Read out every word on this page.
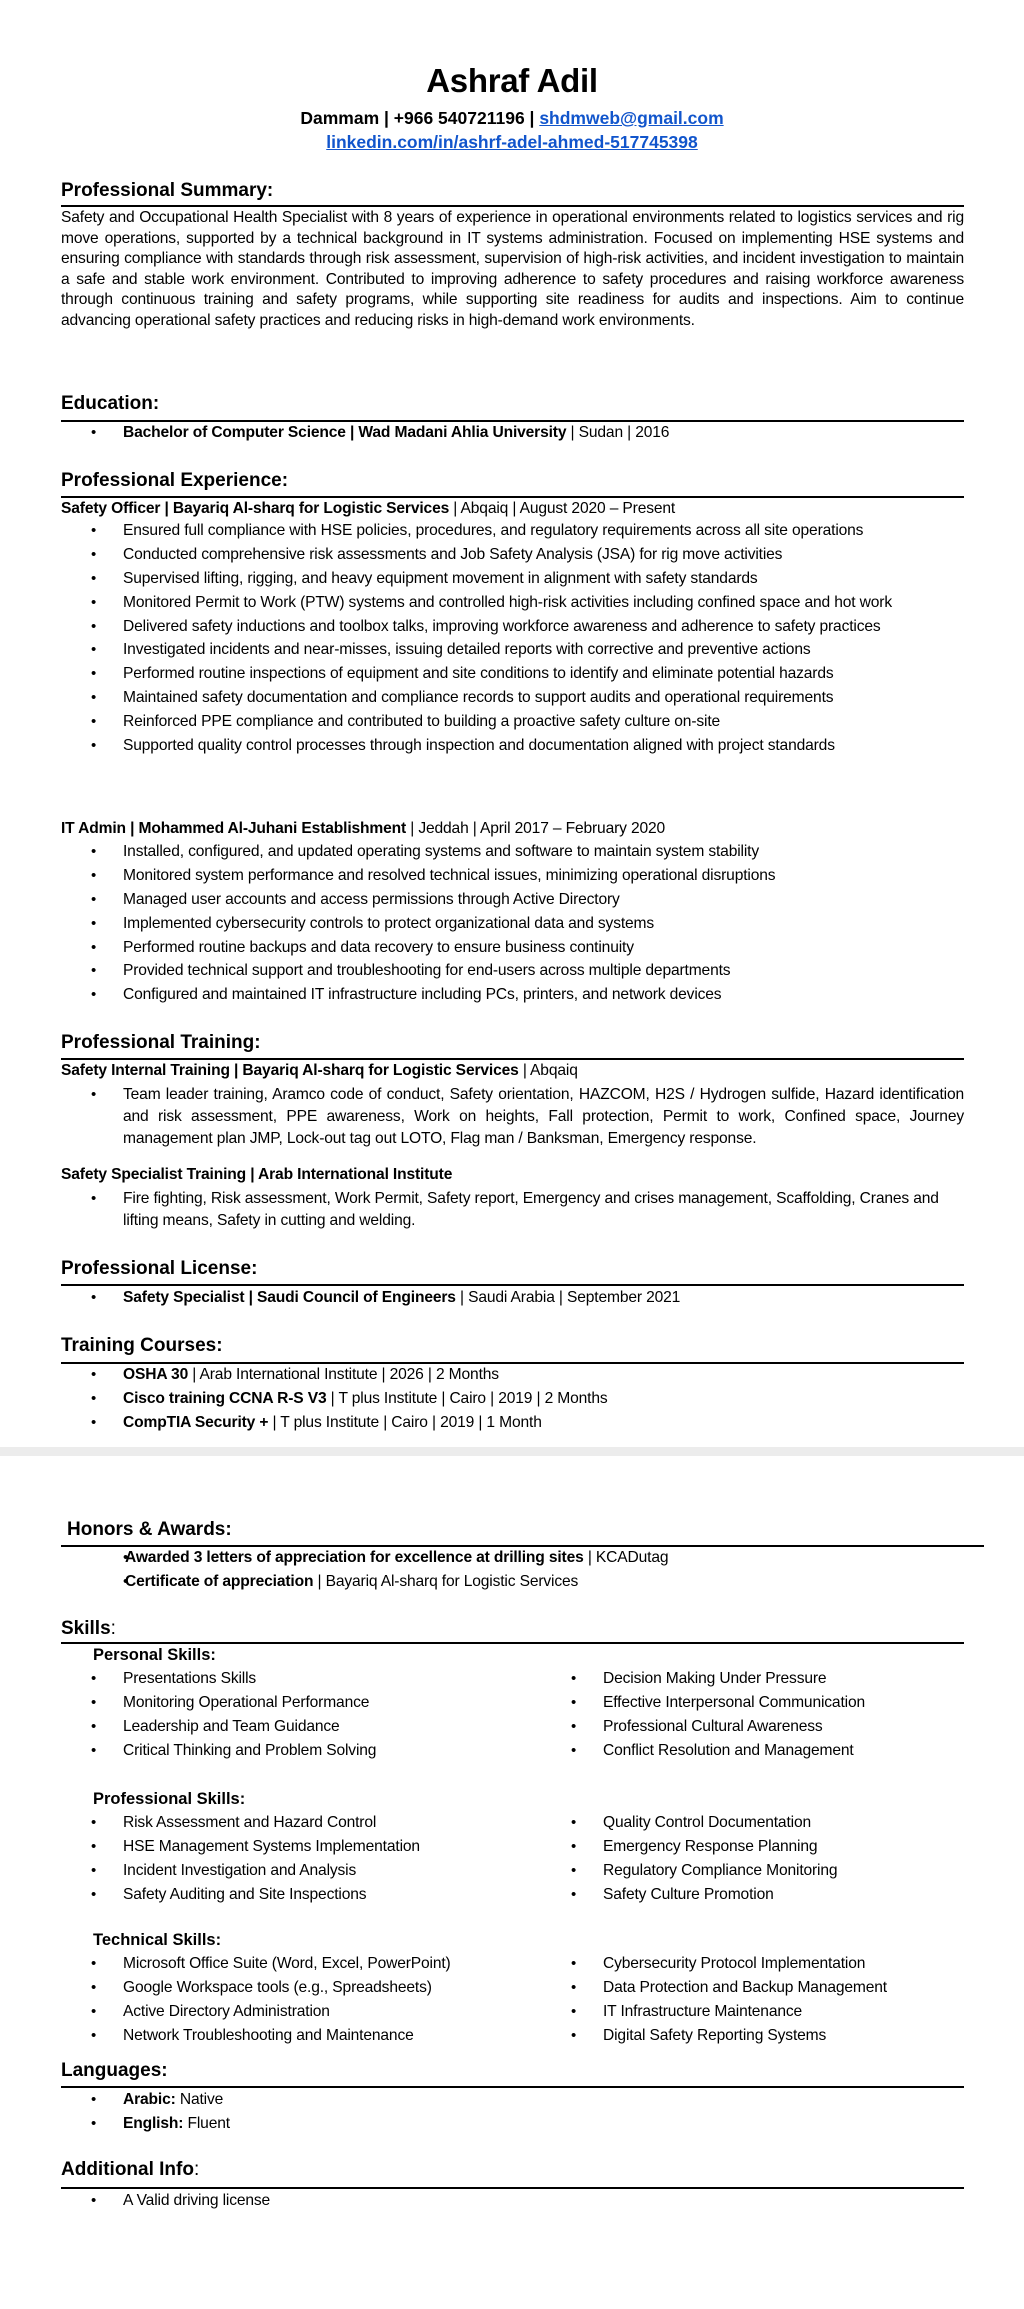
Ashraf Adil
Dammam | +966 540721196 | shdmweb@gmail.com
linkedin.com/in/ashrf-adel-ahmed-517745398
Professional Summary:
Safety and Occupational Health Specialist with 8 years of experience in operational environments related to logistics services and rig move operations, supported by a technical background in IT systems administration. Focused on implementing HSE systems and ensuring compliance with standards through risk assessment, supervision of high-risk activities, and incident investigation to maintain a safe and stable work environment. Contributed to improving adherence to safety procedures and raising workforce awareness through continuous training and safety programs, while supporting site readiness for audits and inspections. Aim to continue advancing operational safety practices and reducing risks in high-demand work environments.
Education:
• Bachelor of Computer Science | Wad Madani Ahlia University | Sudan | 2016
Professional Experience:
Safety Officer | Bayariq Al-sharq for Logistic Services | Abqaiq | August 2020 – Present
• Ensured full compliance with HSE policies, procedures, and regulatory requirements across all site operations
• Conducted comprehensive risk assessments and Job Safety Analysis (JSA) for rig move activities
• Supervised lifting, rigging, and heavy equipment movement in alignment with safety standards
• Monitored Permit to Work (PTW) systems and controlled high-risk activities including confined space and hot work
• Delivered safety inductions and toolbox talks, improving workforce awareness and adherence to safety practices
• Investigated incidents and near-misses, issuing detailed reports with corrective and preventive actions
• Performed routine inspections of equipment and site conditions to identify and eliminate potential hazards
• Maintained safety documentation and compliance records to support audits and operational requirements
• Reinforced PPE compliance and contributed to building a proactive safety culture on-site
• Supported quality control processes through inspection and documentation aligned with project standards
IT Admin | Mohammed Al-Juhani Establishment | Jeddah | April 2017 – February 2020
• Installed, configured, and updated operating systems and software to maintain system stability
• Monitored system performance and resolved technical issues, minimizing operational disruptions
• Managed user accounts and access permissions through Active Directory
• Implemented cybersecurity controls to protect organizational data and systems
• Performed routine backups and data recovery to ensure business continuity
• Provided technical support and troubleshooting for end-users across multiple departments
• Configured and maintained IT infrastructure including PCs, printers, and network devices
Professional Training:
Safety Internal Training | Bayariq Al-sharq for Logistic Services | Abqaiq
• Team leader training, Aramco code of conduct, Safety orientation, HAZCOM, H2S / Hydrogen sulfide, Hazard identification and risk assessment, PPE awareness, Work on heights, Fall protection, Permit to work, Confined space, Journey management plan JMP, Lock-out tag out LOTO, Flag man / Banksman, Emergency response.
Safety Specialist Training | Arab International Institute
• Fire fighting, Risk assessment, Work Permit, Safety report, Emergency and crises management, Scaffolding, Cranes and lifting means, Safety in cutting and welding.
Professional License:
• Safety Specialist | Saudi Council of Engineers | Saudi Arabia | September 2021
Training Courses:
• OSHA 30 | Arab International Institute | 2026 | 2 Months
• Cisco training CCNA R-S V3 | T plus Institute | Cairo | 2019 | 2 Months
• CompTIA Security + | T plus Institute | Cairo | 2019 | 1 Month
Honors & Awards:
• Awarded 3 letters of appreciation for excellence at drilling sites | KCADutag
• Certificate of appreciation | Bayariq Al-sharq for Logistic Services
Skills:
Personal Skills:
• Presentations Skills
• Monitoring Operational Performance
• Leadership and Team Guidance
• Critical Thinking and Problem Solving
• Decision Making Under Pressure
• Effective Interpersonal Communication
• Professional Cultural Awareness
• Conflict Resolution and Management
Professional Skills:
• Risk Assessment and Hazard Control
• HSE Management Systems Implementation
• Incident Investigation and Analysis
• Safety Auditing and Site Inspections
• Quality Control Documentation
• Emergency Response Planning
• Regulatory Compliance Monitoring
• Safety Culture Promotion
Technical Skills:
• Microsoft Office Suite (Word, Excel, PowerPoint)
• Google Workspace tools (e.g., Spreadsheets)
• Active Directory Administration
• Network Troubleshooting and Maintenance
• Cybersecurity Protocol Implementation
• Data Protection and Backup Management
• IT Infrastructure Maintenance
• Digital Safety Reporting Systems
Languages:
• Arabic: Native
• English: Fluent
Additional Info:
• A Valid driving license
